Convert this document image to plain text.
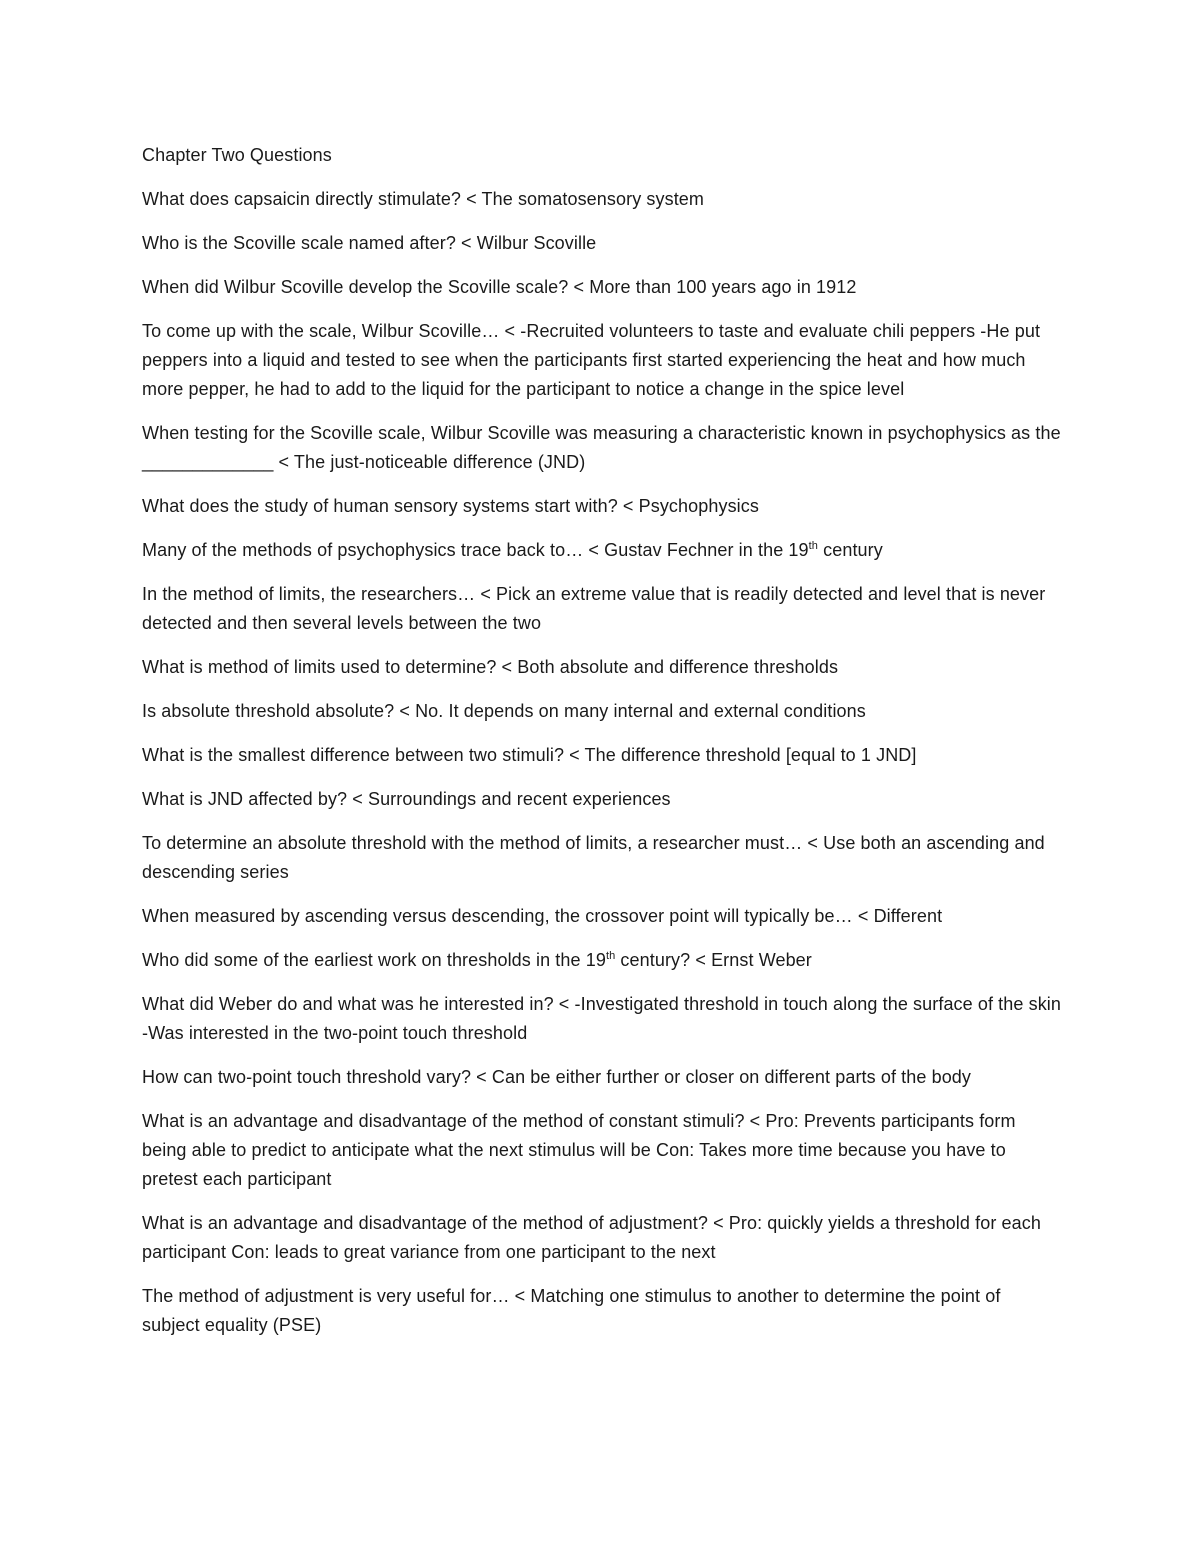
Chapter Two Questions

What does capsaicin directly stimulate? < The somatosensory system

Who is the Scoville scale named after? < Wilbur Scoville

When did Wilbur Scoville develop the Scoville scale? < More than 100 years ago in 1912

To come up with the scale, Wilbur Scoville… < -Recruited volunteers to taste and evaluate chili peppers -He put peppers into a liquid and tested to see when the participants first started experiencing the heat and how much more pepper, he had to add to the liquid for the participant to notice a change in the spice level

When testing for the Scoville scale, Wilbur Scoville was measuring a characteristic known in psychophysics as the _____________ < The just-noticeable difference (JND)

What does the study of human sensory systems start with? < Psychophysics

Many of the methods of psychophysics trace back to… < Gustav Fechner in the 19th century

In the method of limits, the researchers… < Pick an extreme value that is readily detected and level that is never detected and then several levels between the two

What is method of limits used to determine? < Both absolute and difference thresholds

Is absolute threshold absolute? < No. It depends on many internal and external conditions

What is the smallest difference between two stimuli? < The difference threshold [equal to 1 JND]

What is JND affected by? < Surroundings and recent experiences

To determine an absolute threshold with the method of limits, a researcher must… < Use both an ascending and descending series

When measured by ascending versus descending, the crossover point will typically be… < Different

Who did some of the earliest work on thresholds in the 19th century? < Ernst Weber

What did Weber do and what was he interested in? < -Investigated threshold in touch along the surface of the skin -Was interested in the two-point touch threshold

How can two-point touch threshold vary? < Can be either further or closer on different parts of the body

What is an advantage and disadvantage of the method of constant stimuli? < Pro: Prevents participants form being able to predict to anticipate what the next stimulus will be Con: Takes more time because you have to pretest each participant

What is an advantage and disadvantage of the method of adjustment? < Pro: quickly yields a threshold for each participant Con: leads to great variance from one participant to the next

The method of adjustment is very useful for… < Matching one stimulus to another to determine the point of subject equality (PSE)
